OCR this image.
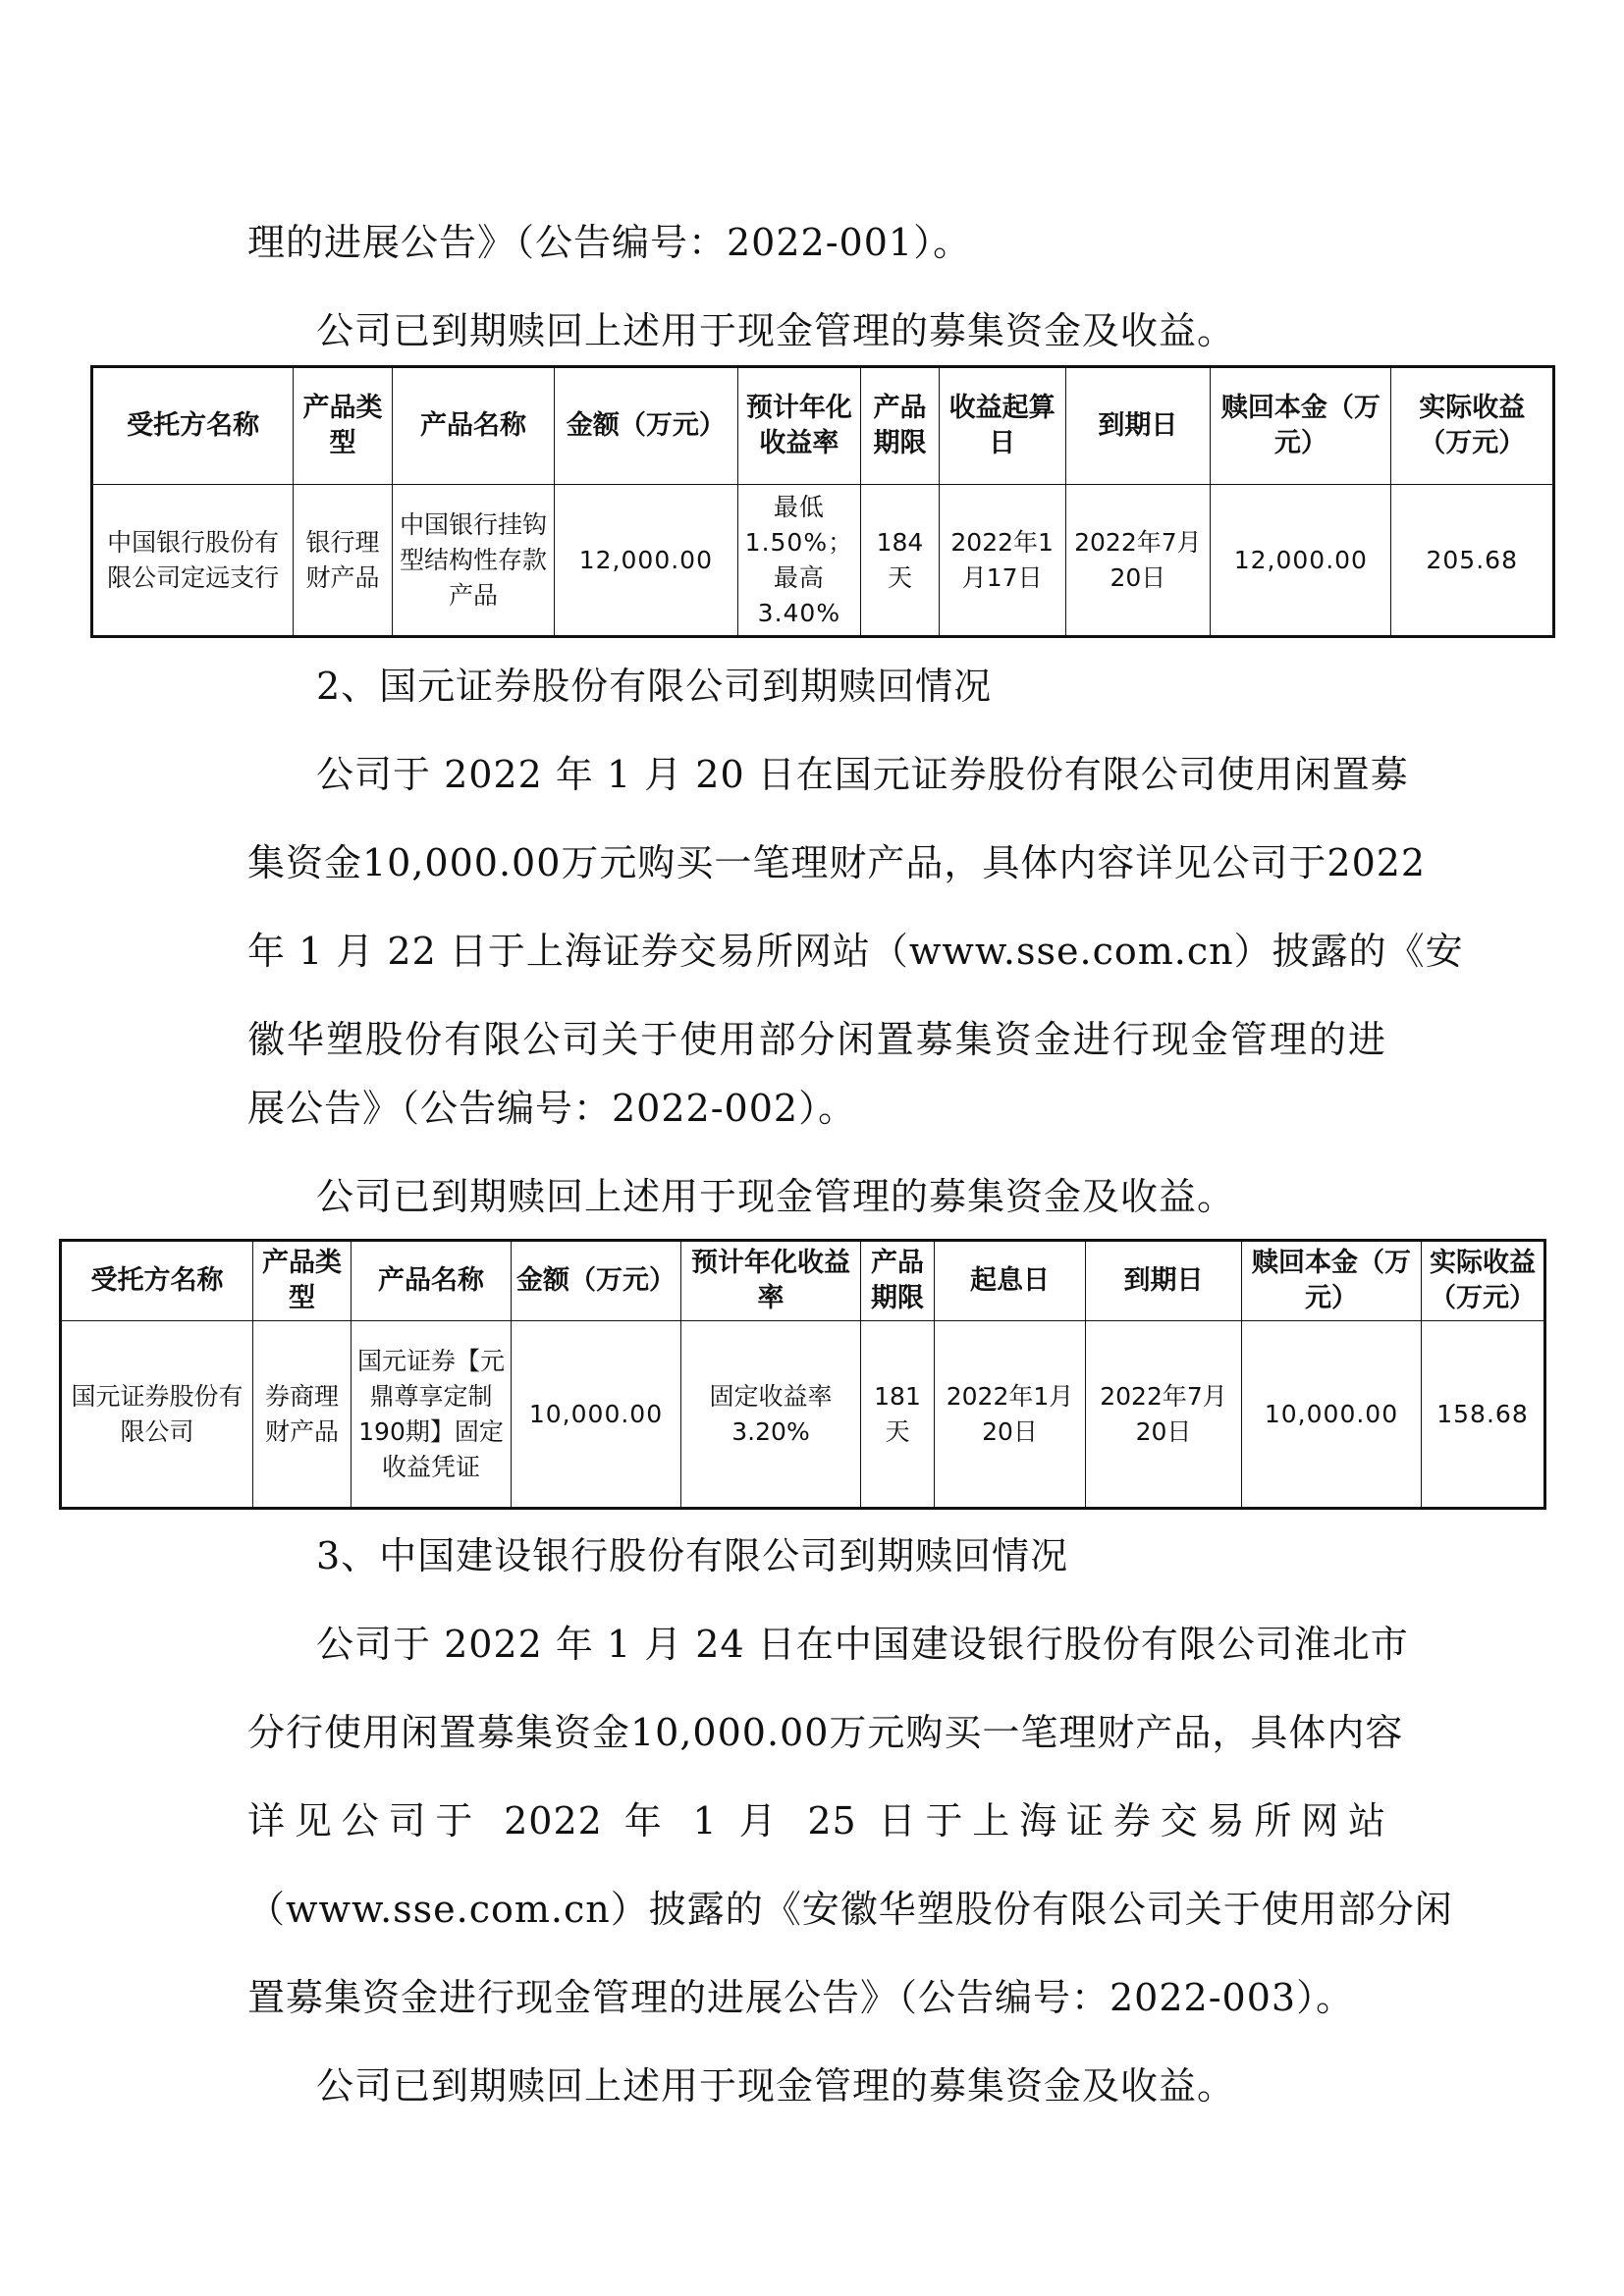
理的进展公告》（公告编号：2022-001）。
公司已到期赎回上述用于现金管理的募集资金及收益。
受托方名称	产品类型	产品名称	金额（万元）	预计年化收益率	产品期限	收益起算日	到期日	赎回本金（万元）	实际收益（万元）
中国银行股份有限公司定远支行	银行理财产品	中国银行挂钩型结构性存款产品	12,000.00	最低1.50%；最高3.40%	184天	2022年1月17日	2022年7月20日	12,000.00	205.68
2、国元证券股份有限公司到期赎回情况
公司于 2022 年 1 月 20 日在国元证券股份有限公司使用闲置募
集资金10,000.00万元购买一笔理财产品，具体内容详见公司于2022
年 1 月 22 日于上海证券交易所网站（www.sse.com.cn）披露的《安
徽华塑股份有限公司关于使用部分闲置募集资金进行现金管理的进
展公告》（公告编号：2022-002）。
公司已到期赎回上述用于现金管理的募集资金及收益。
受托方名称	产品类型	产品名称	金额（万元）	预计年化收益率	产品期限	起息日	到期日	赎回本金（万元）	实际收益（万元）
国元证券股份有限公司	券商理财产品	国元证券【元鼎尊享定制190期】固定收益凭证	10,000.00	固定收益率3.20%	181天	2022年1月20日	2022年7月20日	10,000.00	158.68
3、中国建设银行股份有限公司到期赎回情况
公司于 2022 年 1 月 24 日在中国建设银行股份有限公司淮北市
分行使用闲置募集资金10,000.00万元购买一笔理财产品，具体内容
详见公司于 2022 年 1 月 25 日于上海证券交易所网站
（www.sse.com.cn）披露的《安徽华塑股份有限公司关于使用部分闲
置募集资金进行现金管理的进展公告》（公告编号：2022-003）。
公司已到期赎回上述用于现金管理的募集资金及收益。
